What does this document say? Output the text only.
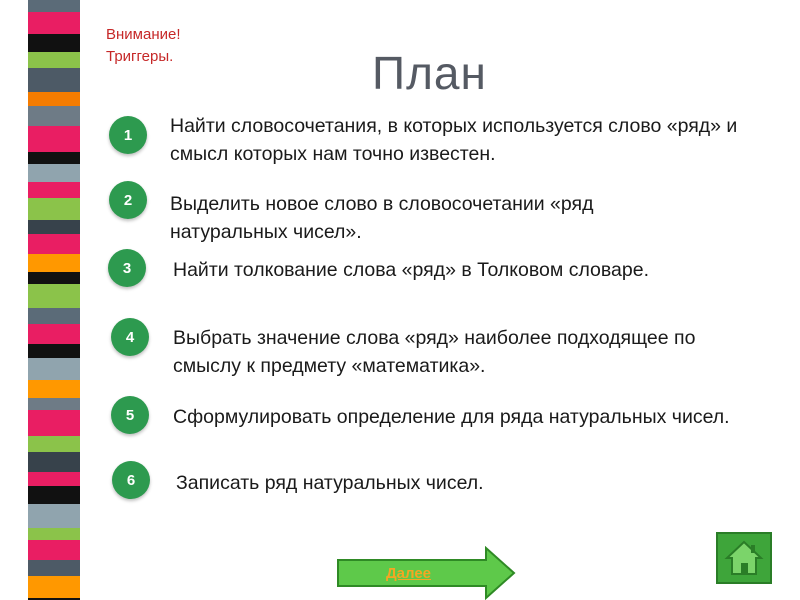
Внимание!
Триггеры.	План
1	Найти словосочетания, в которых используется слово «ряд» и смысл которых нам точно известен.
2	Выделить новое слово в словосочетании «ряд натуральных чисел».
3	Найти толкование слова «ряд» в Толковом словаре.
4	Выбрать значение слова «ряд» наиболее подходящее по смыслу к предмету «математика».
5	Сформулировать определение для ряда натуральных чисел.
6	Записать ряд натуральных чисел.
Далее
